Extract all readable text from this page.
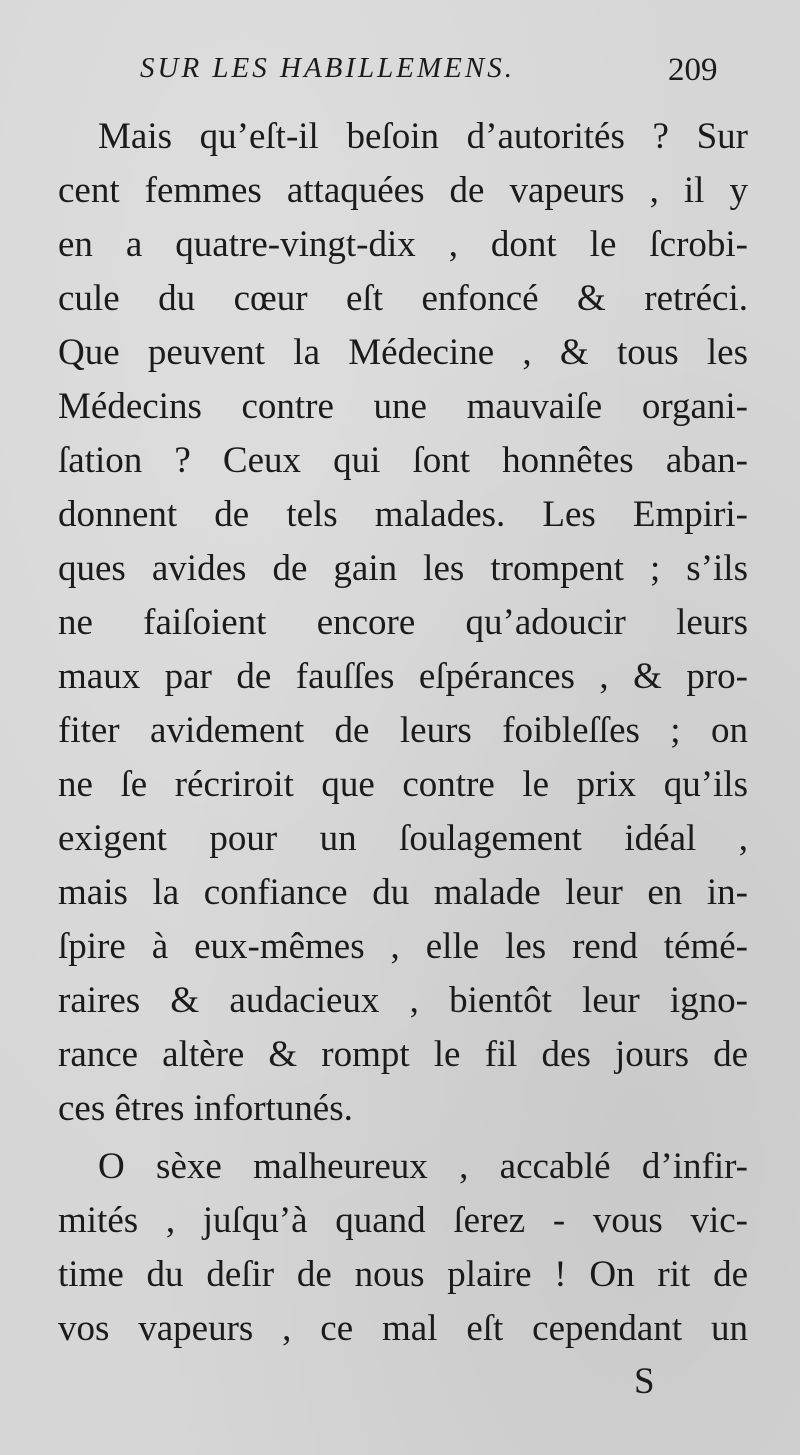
SUR LES HABILLEMENS.	209
Mais qu’eſt-il beſoin d’autorités ? Sur
cent femmes attaquées de vapeurs , il y
en a quatre-vingt-dix , dont le ſcrobi-
cule du cœur eſt enfoncé & retréci.
Que peuvent la Médecine , & tous les
Médecins contre une mauvaiſe organi-
ſation ? Ceux qui ſont honnêtes aban-
donnent de tels malades. Les Empiri-
ques avides de gain les trompent ; s’ils
ne faiſoient encore qu’adoucir leurs
maux par de fauſſes eſpérances , & pro-
fiter avidement de leurs foibleſſes ; on
ne ſe récriroit que contre le prix qu’ils
exigent pour un ſoulagement idéal ,
mais la confiance du malade leur en in-
ſpire à eux-mêmes , elle les rend témé-
raires & audacieux , bientôt leur igno-
rance altère & rompt le fil des jours de
ces êtres infortunés.
O sèxe malheureux , accablé d’infir-
mités , juſqu’à quand ſerez - vous vic-
time du deſir de nous plaire ! On rit de
vos vapeurs , ce mal eſt cependant un
S
